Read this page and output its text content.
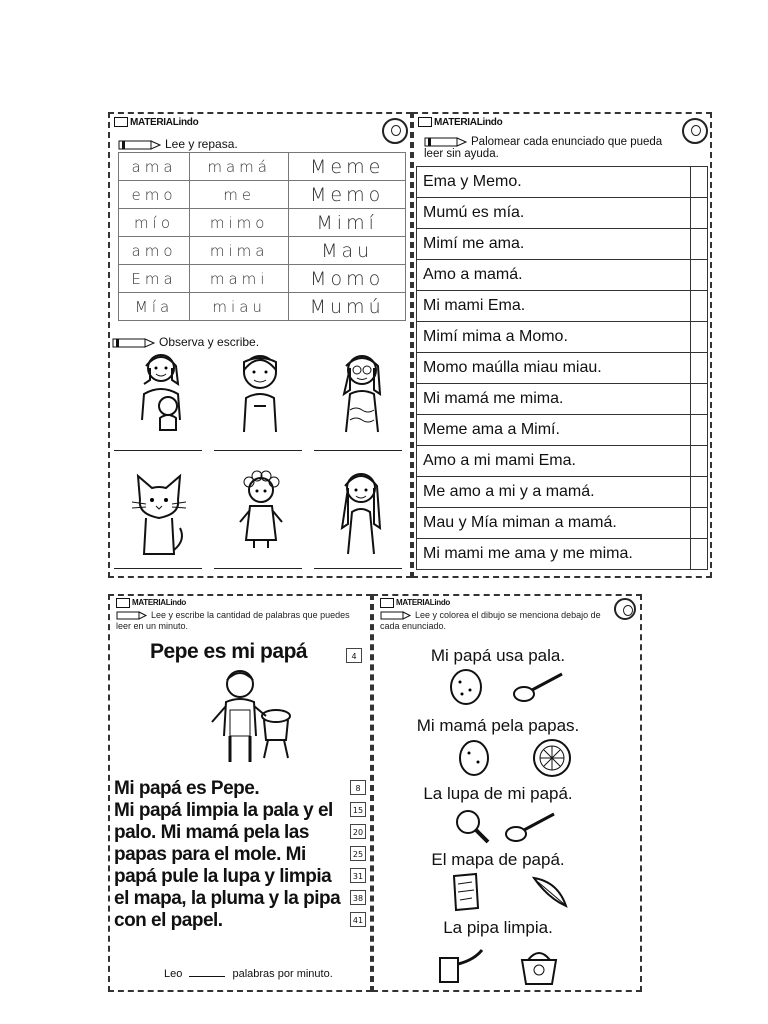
MATERIALindo
Lee y repasa.
ama	mamá	Meme
emo	me	Memo
mío	mimo	Mimí
amo	mima	Mau
Ema	mami	Momo
Mía	miau	Mumú
Observa y escribe.
MATERIALindo
Palomear cada enunciado que pueda leer sin ayuda.
Ema y Memo.	
Mumú es mía.	
Mimí me ama.	
Amo a mamá.	
Mi mami Ema.	
Mimí mima a Momo.	
Momo maúlla miau miau.	
Mi mamá me mima.	
Meme ama a Mimí.	
Amo a mi mami Ema.	
Me amo a mi y a mamá.	
Mau y Mía miman a mamá.	
Mi mami me ama y me mima.	
MATERIALindo
Lee y escribe la cantidad de palabras que puedes leer en un minuto.
Pepe es mi papá	4
Mi papá es Pepe.
Mi papá limpia la pala y el
palo. Mi mamá pela las
papas para el mole. Mi
papá pule la lupa y limpia
el mapa, la pluma y la pipa
con el papel.
Leo	palabras por minuto.
8
15
20
25
31
38
41
MATERIALindo
Lee y colorea el dibujo se menciona debajo de cada enunciado.
Mi papá usa pala.
Mi mamá pela papas.
La lupa de mi papá.
El mapa de papá.
La pipa limpia.
